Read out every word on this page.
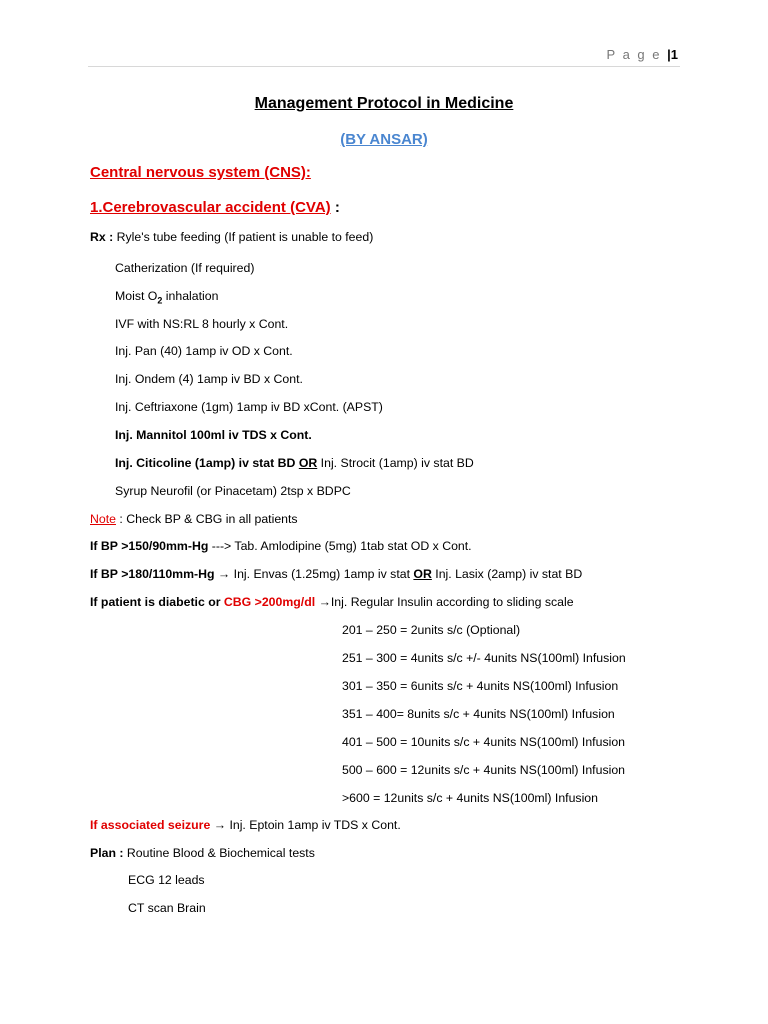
P a g e |1
Management Protocol in Medicine
(BY ANSAR)
Central nervous system (CNS):
1.Cerebrovascular accident (CVA) :
Rx : Ryle's tube feeding (If patient is unable to feed)
Catherization (If required)
Moist $O_2$ inhalation
IVF with NS:RL 8 hourly x Cont.
Inj. Pan (40) 1amp iv OD x Cont.
Inj. Ondem (4) 1amp iv BD x Cont.
Inj. Ceftriaxone (1gm) 1amp iv BD xCont. (APST)
Inj. Mannitol 100ml iv TDS x Cont.
Inj. Citicoline (1amp) iv stat BD OR Inj. Strocit (1amp) iv stat BD
Syrup Neurofil (or Pinacetam) 2tsp x BDPC
Note : Check BP & CBG in all patients
If BP >150/90mm-Hg ---> Tab. Amlodipine (5mg) 1tab stat OD x Cont.
If BP >180/110mm-Hg → Inj. Envas (1.25mg) 1amp iv stat OR Inj. Lasix (2amp) iv stat BD
If patient is diabetic or CBG >200mg/dl →Inj. Regular Insulin according to sliding scale
201 – 250 = 2units s/c (Optional)
251 – 300 = 4units s/c +/- 4units NS(100ml) Infusion
301 – 350 = 6units s/c + 4units NS(100ml) Infusion
351 – 400= 8units s/c + 4units NS(100ml) Infusion
401 – 500 = 10units s/c + 4units NS(100ml) Infusion
500 – 600 = 12units s/c + 4units NS(100ml) Infusion
>600 = 12units s/c + 4units NS(100ml) Infusion
If associated seizure → Inj. Eptoin 1amp iv TDS x Cont.
Plan : Routine Blood & Biochemical tests
ECG 12 leads
CT scan Brain
